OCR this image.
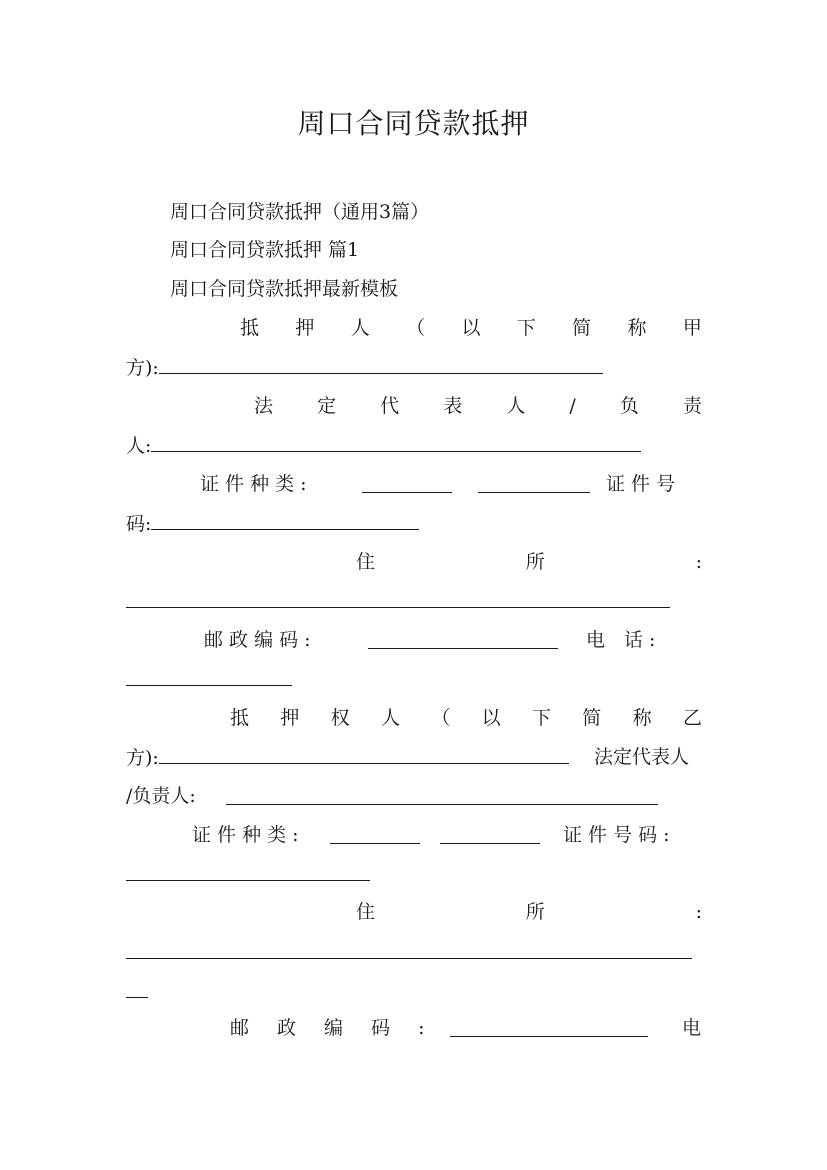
周口合同贷款抵押
周口合同贷款抵押（通用3篇）
周口合同贷款抵押 篇1
周口合同贷款抵押最新模板
抵 押 人 （ 以 下 简 称 甲
方):
法 定 代 表 人 / 负 责
人:
证 件 种 类 :	证 件 号
码:
住	所	:
邮 政 编 码 :	电　话 :
抵 押 权 人 （ 以 下 简 称 乙
方):	法定代表人
/负责人:
证 件 种 类 :	证 件 号 码 :
住	所	:
邮 政 编 码 :	电
